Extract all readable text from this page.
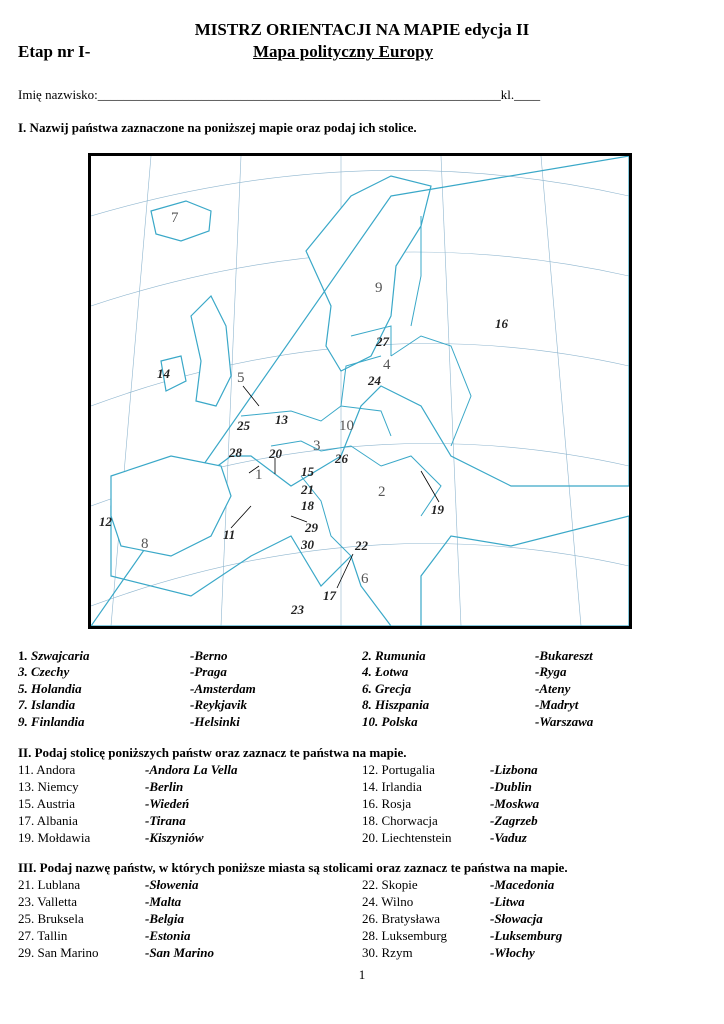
MISTRZ ORIENTACJI NA MAPIE edycja II
Etap nr I-	Mapa polityczny Europy
Imię nazwisko:______________________________________________________________kl.____
I. Nazwij państwa zaznaczone na poniższej mapie oraz podaj ich stolice.
7
9
16
27
4
24
14	5
13	10
25
3
28 20	26
1	15
2
21
18	19
12
11	29
8	30	22
6
17
23
1. Szwajcaria	-Berno	2. Rumunia	-Bukareszt
3. Czechy	-Praga	4. Łotwa	-Ryga
5. Holandia	-Amsterdam	6. Grecja	-Ateny
7. Islandia	-Reykjavik	8. Hiszpania	-Madryt
9. Finlandia	-Helsinki	10. Polska	-Warszawa
II. Podaj stolicę poniższych państw oraz zaznacz te państwa na mapie.
11. Andora	-Andora La Vella	12. Portugalia	-Lizbona
13. Niemcy	-Berlin	14. Irlandia	-Dublin
15. Austria	-Wiedeń	16. Rosja	-Moskwa
17. Albania	-Tirana	18. Chorwacja	-Zagrzeb
19. Mołdawia	-Kiszyniów	20. Liechtenstein	-Vaduz
III. Podaj nazwę państw, w których poniższe miasta są stolicami oraz zaznacz te państwa na mapie.
21. Lublana	-Słowenia	22. Skopie	-Macedonia
23. Valletta	-Malta	24. Wilno	-Litwa
25. Bruksela	-Belgia	26. Bratysława	-Słowacja
27. Tallin	-Estonia	28. Luksemburg	-Luksemburg
29. San Marino	-San Marino	30. Rzym	-Włochy
1
